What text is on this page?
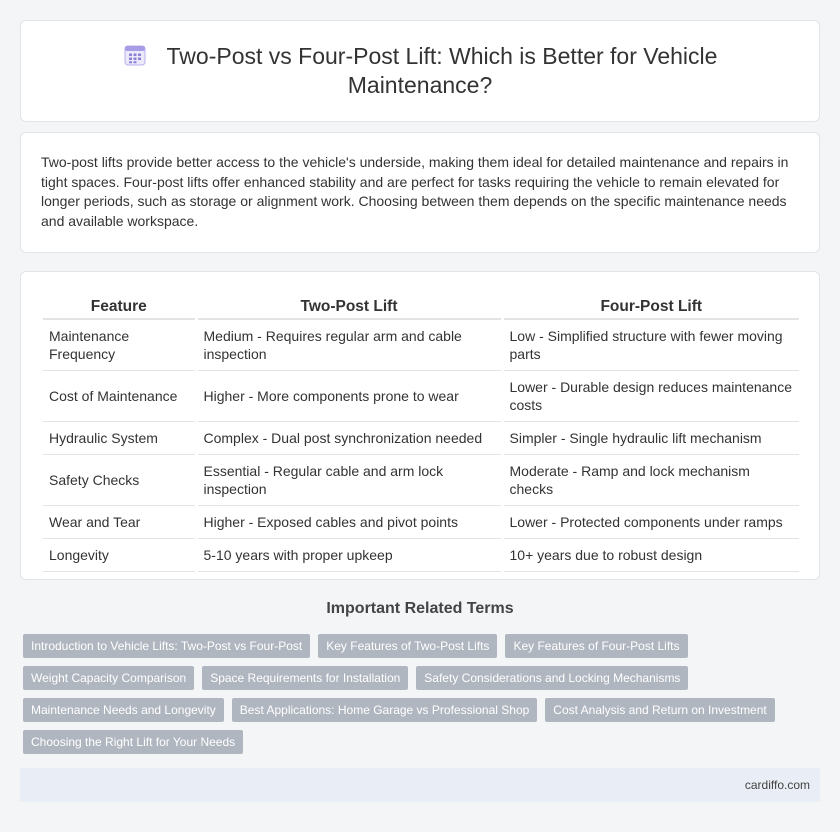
Two-Post vs Four-Post Lift: Which is Better for Vehicle Maintenance?

Two-post lifts provide better access to the vehicle's underside, making them ideal for detailed maintenance and repairs in tight spaces. Four-post lifts offer enhanced stability and are perfect for tasks requiring the vehicle to remain elevated for longer periods, such as storage or alignment work. Choosing between them depends on the specific maintenance needs and available workspace.

Feature	Two-Post Lift	Four-Post Lift
Maintenance Frequency	Medium - Requires regular arm and cable inspection	Low - Simplified structure with fewer moving parts
Cost of Maintenance	Higher - More components prone to wear	Lower - Durable design reduces maintenance costs
Hydraulic System	Complex - Dual post synchronization needed	Simpler - Single hydraulic lift mechanism
Safety Checks	Essential - Regular cable and arm lock inspection	Moderate - Ramp and lock mechanism checks
Wear and Tear	Higher - Exposed cables and pivot points	Lower - Protected components under ramps
Longevity	5-10 years with proper upkeep	10+ years due to robust design
Important Related Terms
Introduction to Vehicle Lifts: Two-Post vs Four-Post	Key Features of Two-Post Lifts	Key Features of Four-Post Lifts
Weight Capacity Comparison	Space Requirements for Installation	Safety Considerations and Locking Mechanisms
Maintenance Needs and Longevity	Best Applications: Home Garage vs Professional Shop	Cost Analysis and Return on Investment
Choosing the Right Lift for Your Needs
cardiffo.com
